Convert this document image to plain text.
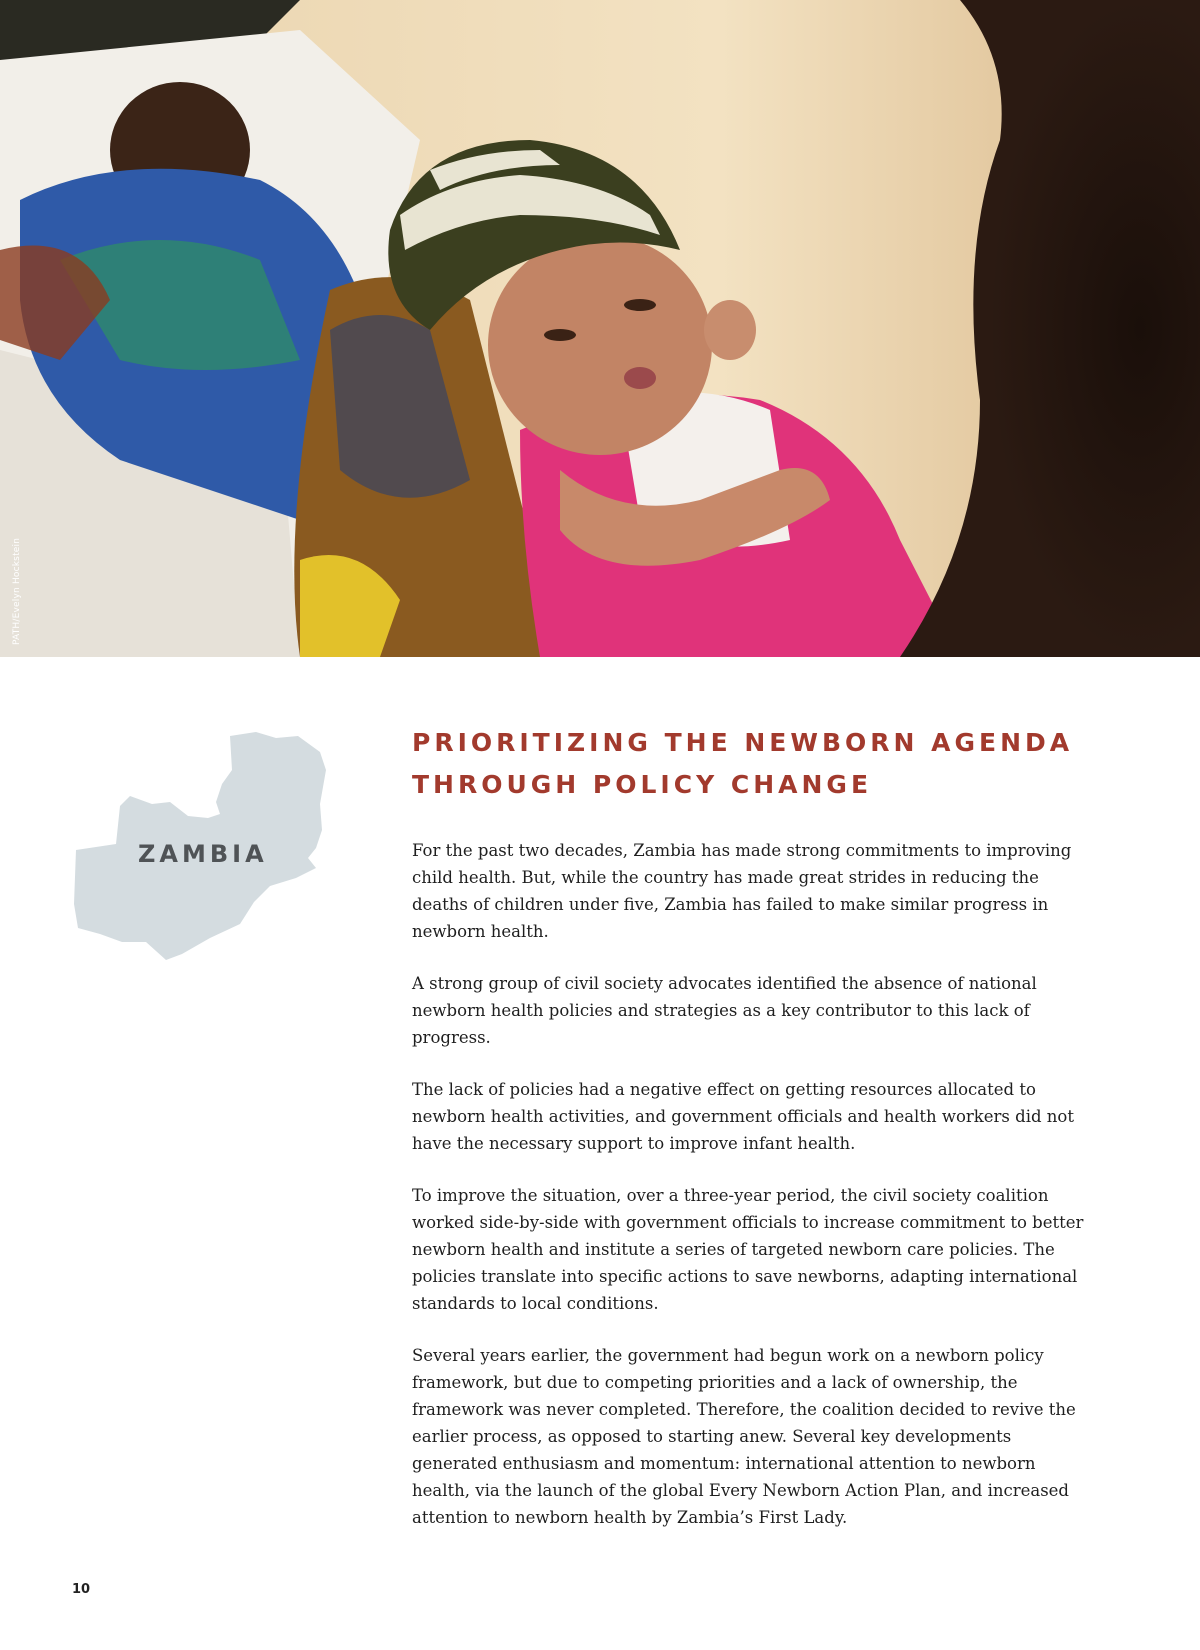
PATH/Evelyn Hockstein
ZAMBIA
PRIORITIZING THE NEWBORN AGENDA
THROUGH POLICY CHANGE

For the past two decades, Zambia has made strong commitments to improving child health. But, while the country has made great strides in reducing the deaths of children under five, Zambia has failed to make similar progress in newborn health.

A strong group of civil society advocates identified the absence of national newborn health policies and strategies as a key contributor to this lack of progress.

The lack of policies had a negative effect on getting resources allocated to newborn health activities, and government officials and health workers did not have the necessary support to improve infant health.

To improve the situation, over a three-year period, the civil society coalition worked side-by-side with government officials to increase commitment to better newborn health and institute a series of targeted newborn care policies. The policies translate into specific actions to save newborns, adapting international standards to local conditions.

Several years earlier, the government had begun work on a newborn policy framework, but due to competing priorities and a lack of ownership, the framework was never completed. Therefore, the coalition decided to revive the earlier process, as opposed to starting anew. Several key developments generated enthusiasm and momentum: international attention to newborn health, via the launch of the global Every Newborn Action Plan, and increased attention to newborn health by Zambia’s First Lady.

10
